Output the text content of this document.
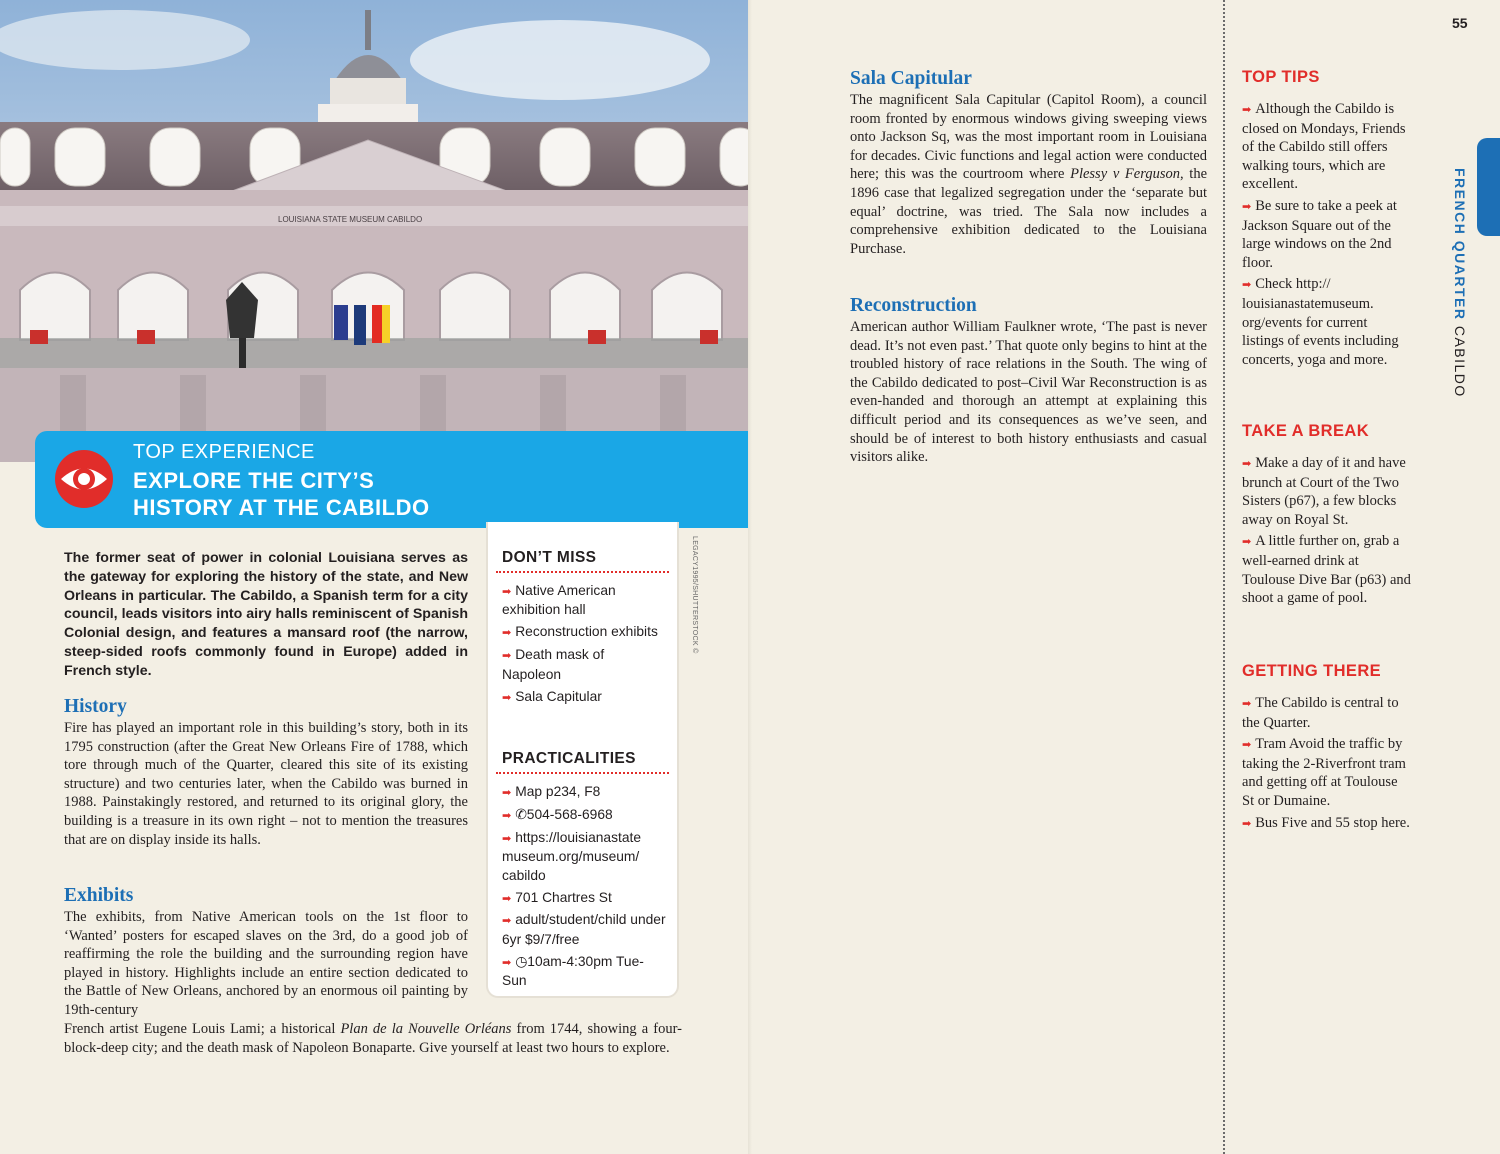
LOUISIANA STATE MUSEUM CABILDO
LEGACY1995/SHUTTERSTOCK ©
TOP EXPERIENCE
EXPLORE THE CITY’S
HISTORY AT THE CABILDO

The former seat of power in colonial Louisiana serves as the gateway for exploring the history of the state, and New Orleans in particular. The Cabildo, a Spanish term for a city council, leads visitors into airy halls reminiscent of Spanish Colonial design, and features a mansard roof (the narrow, steep-sided roofs commonly found in Europe) added in French style.

History

Fire has played an important role in this building’s story, both in its 1795 construction (after the Great New Orleans Fire of 1788, which tore through much of the Quarter, cleared this site of its existing structure) and two centuries later, when the Cabildo was burned in 1988. Painstakingly restored, and returned to its original glory, the building is a treasure in its own right – not to mention the treasures that are on display inside its halls.

Exhibits

The exhibits, from Native American tools on the 1st floor to ‘Wanted’ posters for escaped slaves on the 3rd, do a good job of reaffirming the role the building and the surrounding region have played in history. Highlights include an entire section dedicated to the Battle of New Orleans, anchored by an enormous oil painting by 19th-century

French artist Eugene Louis Lami; a historical Plan de la Nouvelle Orléans from 1744, showing a four-block-deep city; and the death mask of Napoleon Bonaparte. Give yourself at least two hours to explore.

DON’T MISS
➡ Native American exhibition hall
➡ Reconstruction exhibits
➡ Death mask of Napoleon
➡ Sala Capitular
PRACTICALITIES
➡ Map p234, F8
➡ ✆504-568-6968
➡ https://louisianastate museum.org/museum/ cabildo
➡ 701 Chartres St
➡ adult/student/child under 6yr $9/7/free
➡ ◷10am-4:30pm Tue-Sun
Sala Capitular

The magnificent Sala Capitular (Capitol Room), a council room fronted by enormous windows giving sweeping views onto Jackson Sq, was the most important room in Louisiana for decades. Civic functions and legal action were conducted here; this was the courtroom where Plessy v Ferguson, the 1896 case that legalized segregation under the ‘separate but equal’ doctrine, was tried. The Sala now includes a comprehensive exhibition dedicated to the Louisiana Purchase.

Reconstruction

American author William Faulkner wrote, ‘The past is never dead. It’s not even past.’ That quote only begins to hint at the troubled history of race relations in the South. The wing of the Cabildo dedicated to post–Civil War Reconstruction is as even-handed and thorough an attempt at explaining this difficult period and its consequences as we’ve seen, and should be of interest to both history enthusiasts and casual visitors alike.

TOP TIPS

➡ Although the Cabildo is closed on Mondays, Friends of the Cabildo still offers walking tours, which are excellent.

➡ Be sure to take a peek at Jackson Square out of the large windows on the 2nd floor.

➡ Check http:// louisianastatemuseum. org/events for current listings of events including concerts, yoga and more.

TAKE A BREAK

➡ Make a day of it and have brunch at Court of the Two Sisters (p67), a few blocks away on Royal St.

➡ A little further on, grab a well-earned drink at Toulouse Dive Bar (p63) and shoot a game of pool.

GETTING THERE

➡ The Cabildo is central to the Quarter.

➡ Tram Avoid the traffic by taking the 2-Riverfront tram and getting off at Toulouse St or Dumaine.

➡ Bus Five and 55 stop here.

55
FRENCH QUARTER CABILDO
